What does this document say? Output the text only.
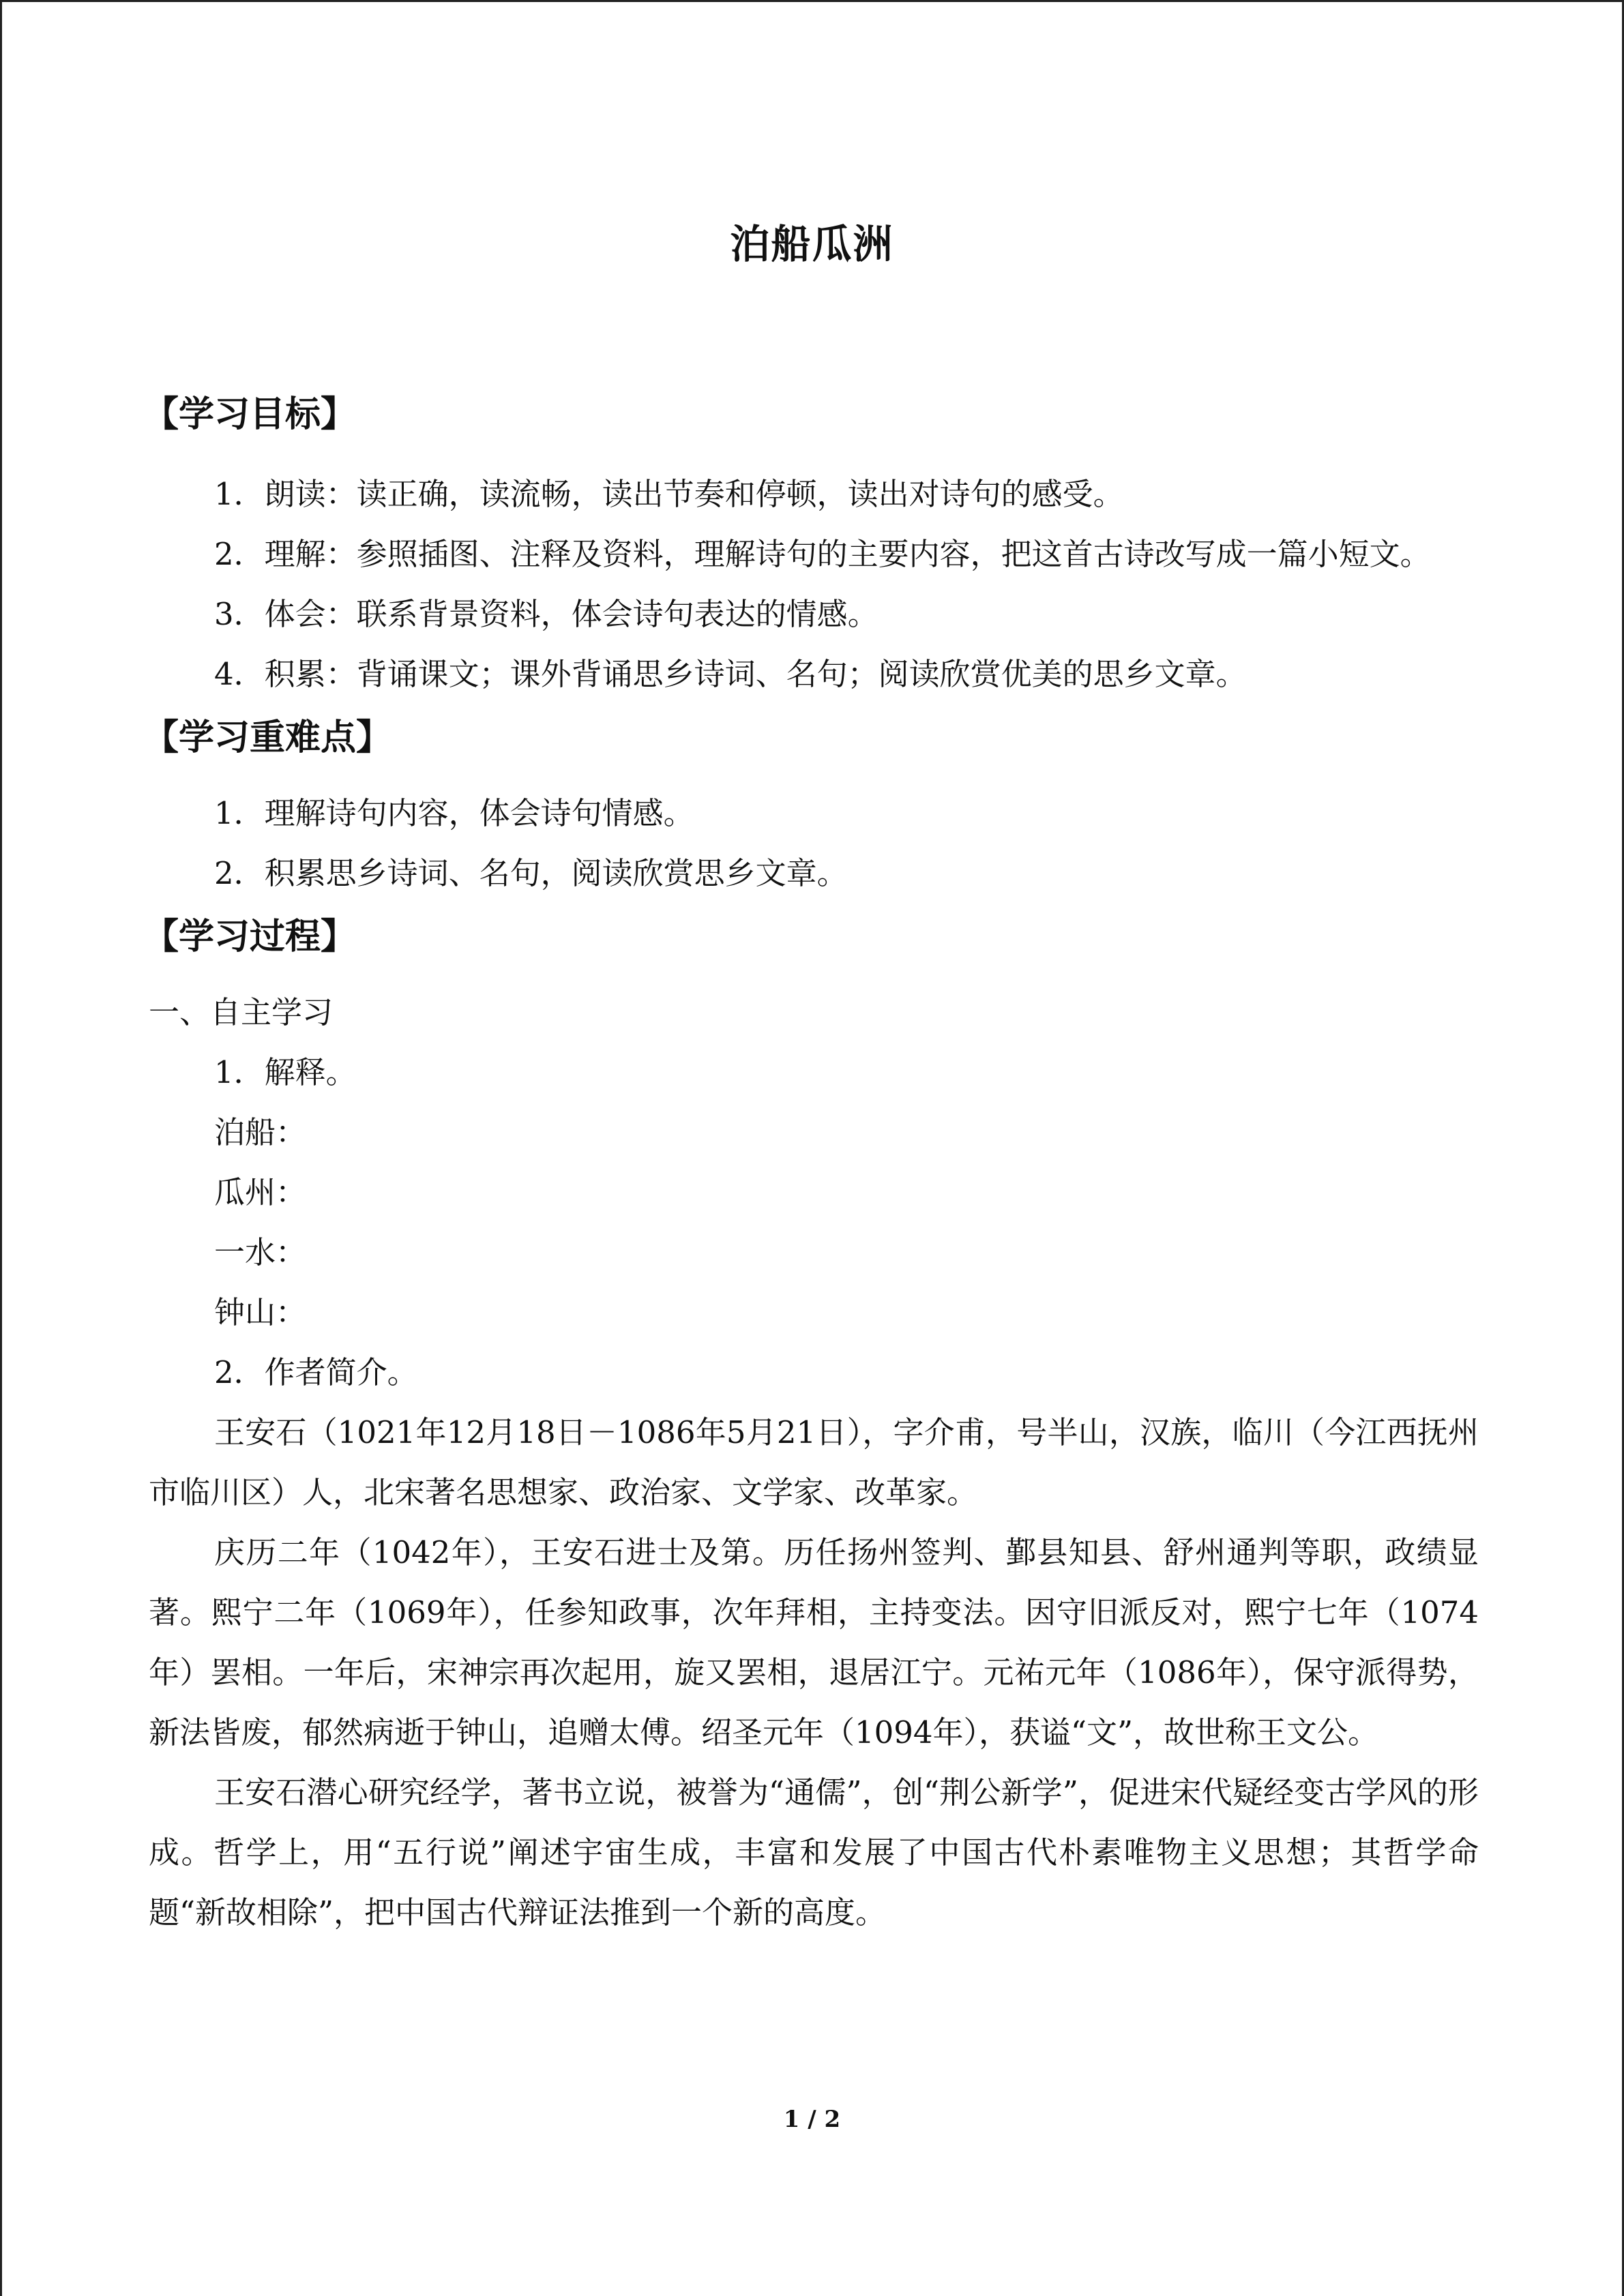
泊船瓜洲
【学习目标】

1．朗读：读正确，读流畅，读出节奏和停顿，读出对诗句的感受。

2．理解：参照插图、注释及资料，理解诗句的主要内容，把这首古诗改写成一篇小短文。

3．体会：联系背景资料，体会诗句表达的情感。

4．积累：背诵课文；课外背诵思乡诗词、名句；阅读欣赏优美的思乡文章。

【学习重难点】

1．理解诗句内容，体会诗句情感。

2．积累思乡诗词、名句，阅读欣赏思乡文章。

【学习过程】

一、自主学习

1．解释。

泊船：

瓜州：

一水：

钟山：

2．作者简介。

王安石（1021年12月18日－1086年5月21日），字介甫，号半山，汉族，临川（今江西抚州市临川区）人，北宋著名思想家、政治家、文学家、改革家。

庆历二年（1042年），王安石进士及第。历任扬州签判、鄞县知县、舒州通判等职，政绩显著。熙宁二年（1069年），任参知政事，次年拜相，主持变法。因守旧派反对，熙宁七年（1074年）罢相。一年后，宋神宗再次起用，旋又罢相，退居江宁。元祐元年（1086年），保守派得势，新法皆废，郁然病逝于钟山，追赠太傅。绍圣元年（1094年），获谥“文”，故世称王文公。

王安石潜心研究经学，著书立说，被誉为“通儒”，创“荆公新学”，促进宋代疑经变古学风的形成。哲学上，用“五行说”阐述宇宙生成，丰富和发展了中国古代朴素唯物主义思想；其哲学命题“新故相除”，把中国古代辩证法推到一个新的高度。

1 / 2
